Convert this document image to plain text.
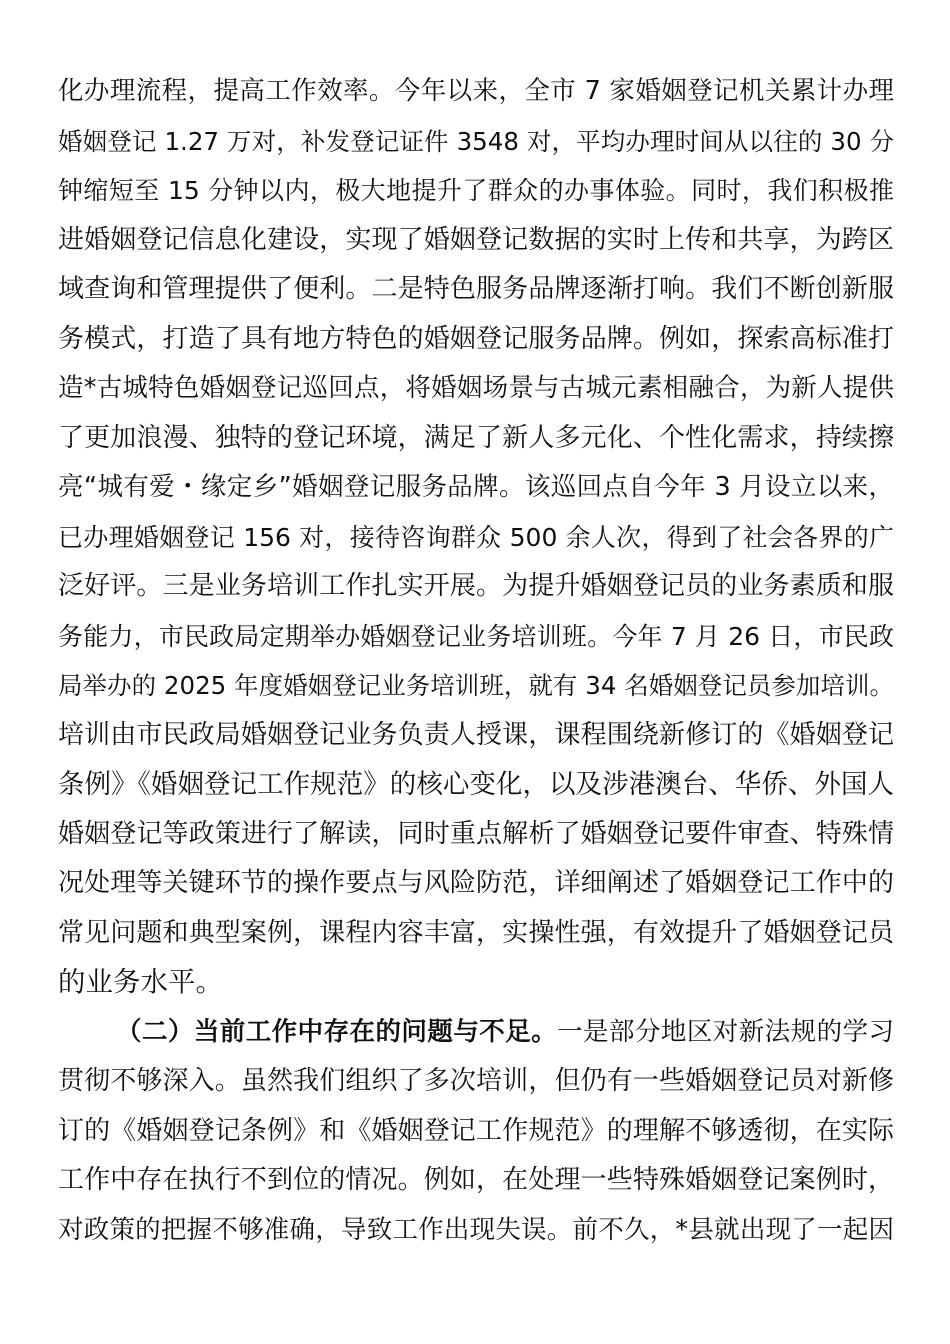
化办理流程，提高工作效率。今年以来，全市 7 家婚姻登记机关累计办理
婚姻登记 1.27 万对，补发登记证件 3548 对，平均办理时间从以往的 30 分
钟缩短至 15 分钟以内，极大地提升了群众的办事体验。同时，我们积极推
进婚姻登记信息化建设，实现了婚姻登记数据的实时上传和共享，为跨区
域查询和管理提供了便利。二是特色服务品牌逐渐打响。我们不断创新服
务模式，打造了具有地方特色的婚姻登记服务品牌。例如，探索高标准打
造*古城特色婚姻登记巡回点，将婚姻场景与古城元素相融合，为新人提供
了更加浪漫、独特的登记环境，满足了新人多元化、个性化需求，持续擦
亮“城有爱・缘定乡”婚姻登记服务品牌。该巡回点自今年 3 月设立以来，
已办理婚姻登记 156 对，接待咨询群众 500 余人次，得到了社会各界的广
泛好评。三是业务培训工作扎实开展。为提升婚姻登记员的业务素质和服
务能力，市民政局定期举办婚姻登记业务培训班。今年 7 月 26 日，市民政
局举办的 2025 年度婚姻登记业务培训班，就有 34 名婚姻登记员参加培训。
培训由市民政局婚姻登记业务负责人授课，课程围绕新修订的《婚姻登记
条例》《婚姻登记工作规范》的核心变化，以及涉港澳台、华侨、外国人
婚姻登记等政策进行了解读，同时重点解析了婚姻登记要件审查、特殊情
况处理等关键环节的操作要点与风险防范，详细阐述了婚姻登记工作中的
常见问题和典型案例，课程内容丰富，实操性强，有效提升了婚姻登记员
的业务水平。
（二）当前工作中存在的问题与不足。一是部分地区对新法规的学习
贯彻不够深入。虽然我们组织了多次培训，但仍有一些婚姻登记员对新修
订的《婚姻登记条例》和《婚姻登记工作规范》的理解不够透彻，在实际
工作中存在执行不到位的情况。例如，在处理一些特殊婚姻登记案例时，
对政策的把握不够准确，导致工作出现失误。前不久，*县就出现了一起因
